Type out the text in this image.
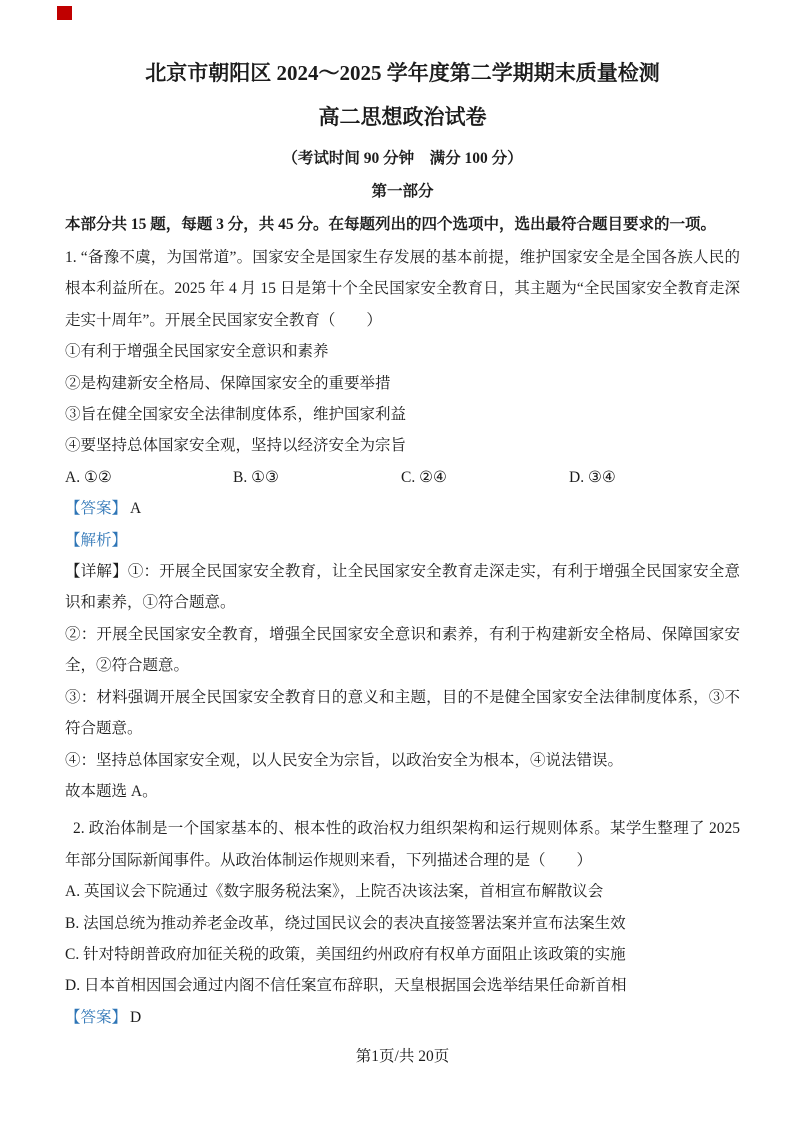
北京市朝阳区 2024～2025 学年度第二学期期末质量检测
高二思想政治试卷

（考试时间 90 分钟　满分 100 分）

第一部分

本部分共 15 题，每题 3 分，共 45 分。在每题列出的四个选项中，选出最符合题目要求的一项。

1. “备豫不虞，为国常道”。国家安全是国家生存发展的基本前提，维护国家安全是全国各族人民的根本利益所在。2025 年 4 月 15 日是第十个全民国家安全教育日，其主题为“全民国家安全教育走深走实十周年”。开展全民国家安全教育（　　）

①有利于增强全民国家安全意识和素养

②是构建新安全格局、保障国家安全的重要举措

③旨在健全国家安全法律制度体系，维护国家利益

④要坚持总体国家安全观，坚持以经济安全为宗旨

A. ①②	B. ①③	C. ②④	D. ③④

【答案】 A

【解析】

【详解】①：开展全民国家安全教育，让全民国家安全教育走深走实，有利于增强全民国家安全意识和素养，①符合题意。

②：开展全民国家安全教育，增强全民国家安全意识和素养，有利于构建新安全格局、保障国家安全，②符合题意。

③：材料强调开展全民国家安全教育日的意义和主题，目的不是健全国家安全法律制度体系，③不符合题意。

④：坚持总体国家安全观，以人民安全为宗旨，以政治安全为根本，④说法错误。

故本题选 A。

2. 政治体制是一个国家基本的、根本性的政治权力组织架构和运行规则体系。某学生整理了 2025 年部分国际新闻事件。从政治体制运作规则来看，下列描述合理的是（　　）

A. 英国议会下院通过《数字服务税法案》，上院否决该法案，首相宣布解散议会

B. 法国总统为推动养老金改革，绕过国民议会的表决直接签署法案并宣布法案生效

C. 针对特朗普政府加征关税的政策，美国纽约州政府有权单方面阻止该政策的实施

D. 日本首相因国会通过内阁不信任案宣布辞职，天皇根据国会选举结果任命新首相

【答案】 D

第1页/共 20页
